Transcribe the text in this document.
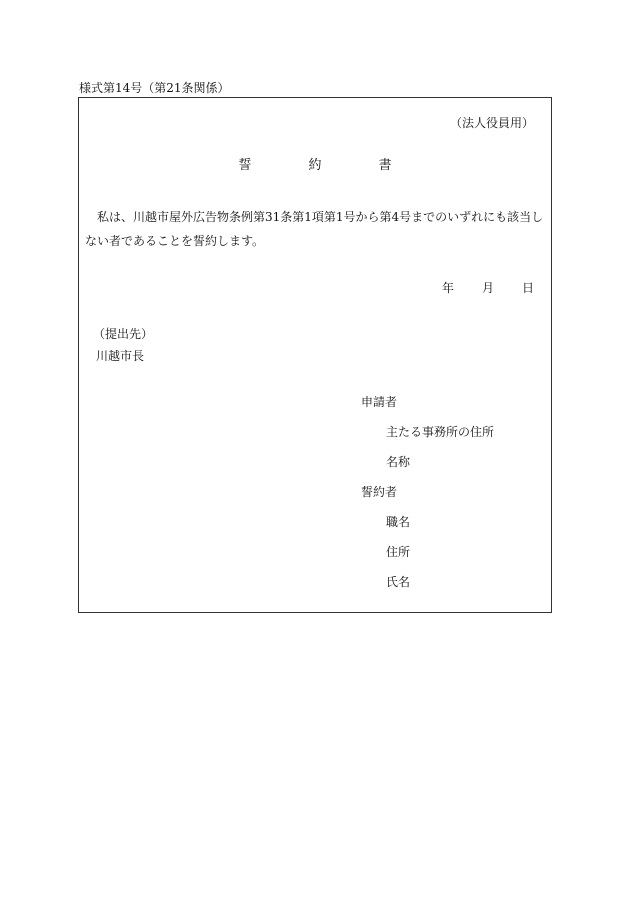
様式第14号（第21条関係）
（法人役員用）
誓	約	書
私は、川越市屋外広告物条例第31条第1項第1号から第4号までのいずれにも該当しない者であることを誓約します。
年 月 日
（提出先）
川越市長
申請者
主たる事務所の住所
名称
誓約者
職名
住所
氏名
